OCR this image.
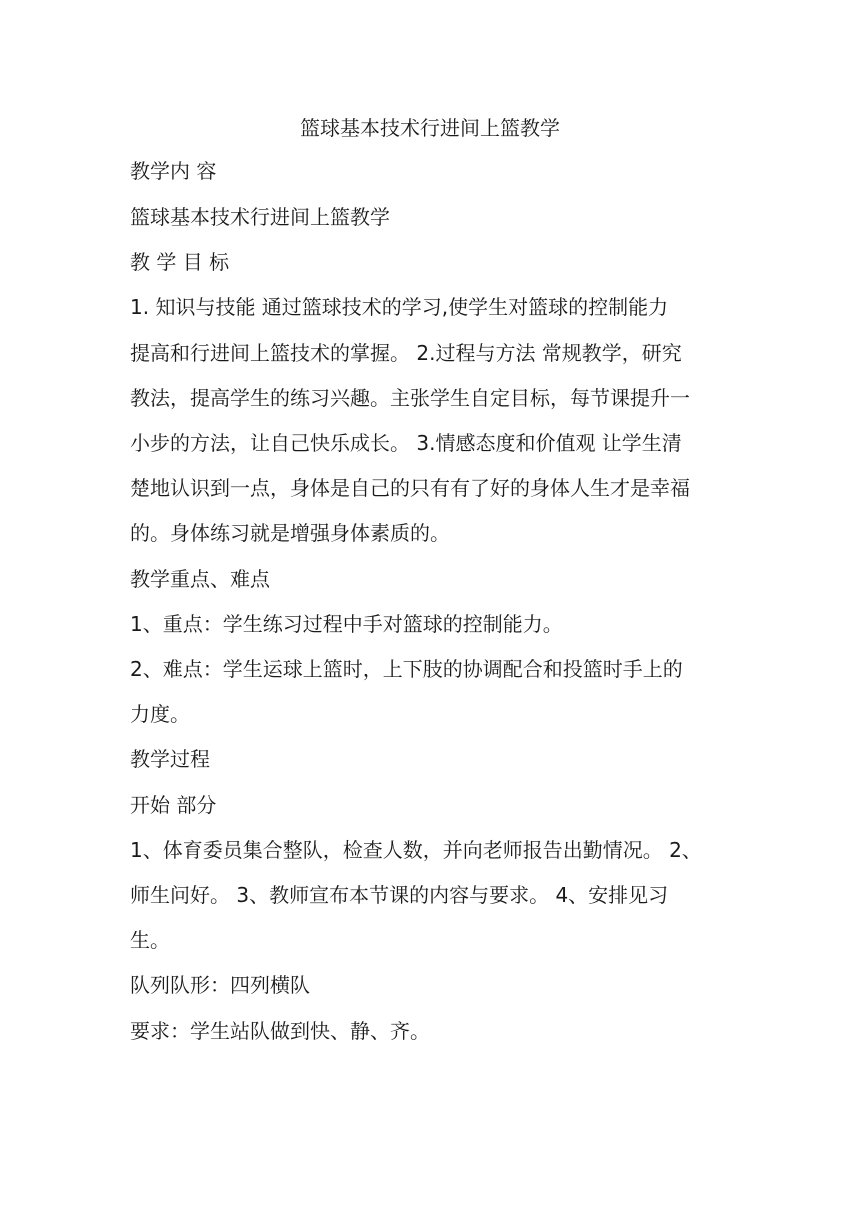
篮球基本技术行进间上篮教学
教学内 容
篮球基本技术行进间上篮教学
教 学 目 标
1. 知识与技能 通过篮球技术的学习,使学生对篮球的控制能力
提高和行进间上篮技术的掌握。 2.过程与方法 常规教学，研究
教法，提高学生的练习兴趣。主张学生自定目标，每节课提升一
小步的方法，让自己快乐成长。 3.情感态度和价值观 让学生清
楚地认识到一点，身体是自己的只有有了好的身体人生才是幸福
的。身体练习就是增强身体素质的。
教学重点、难点
1、重点：学生练习过程中手对篮球的控制能力。
2、难点：学生运球上篮时，上下肢的协调配合和投篮时手上的
力度。
教学过程
开始 部分
1、体育委员集合整队，检查人数，并向老师报告出勤情况。 2、
师生问好。 3、教师宣布本节课的内容与要求。 4、安排见习
生。
队列队形：四列横队
要求：学生站队做到快、静、齐。
